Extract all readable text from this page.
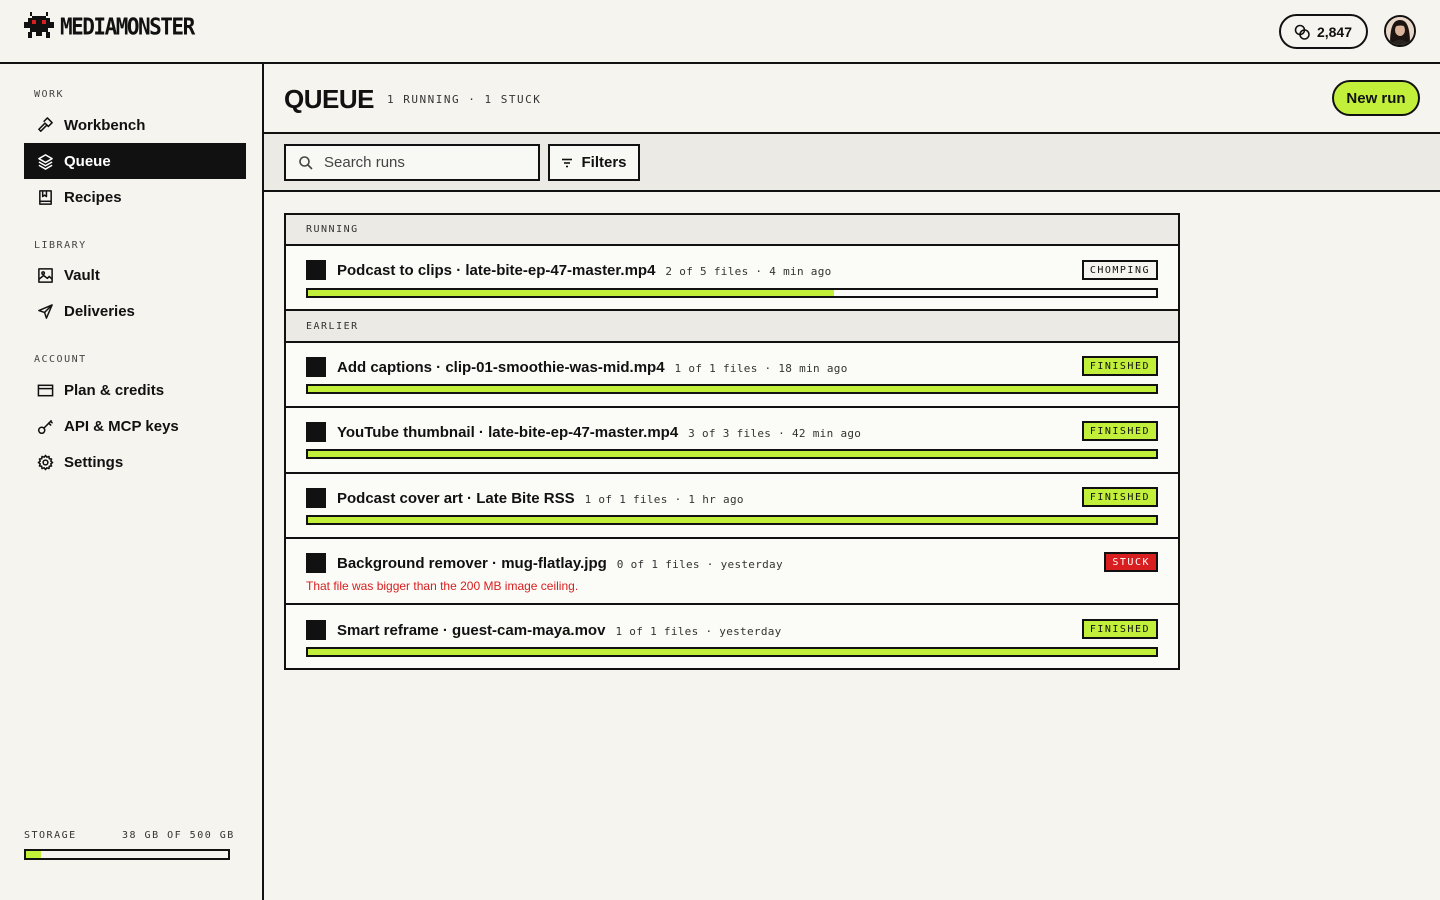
MEDIAMONSTER	2,847
WORK
Workbench
Queue
Recipes
LIBRARY
Vault
Deliveries
ACCOUNT
Plan & credits
API & MCP keys
Settings
STORAGE	38 GB OF 500 GB
QUEUE 1 RUNNING · 1 STUCK	New run
Search runs	Filters
RUNNING
Podcast to clips · late-bite-ep-47-master.mp4 2 of 5 files · 4 min ago	CHOMPING
EARLIER
Add captions · clip-01-smoothie-was-mid.mp4 1 of 1 files · 18 min ago	FINISHED
YouTube thumbnail · late-bite-ep-47-master.mp4 3 of 3 files · 42 min ago	FINISHED
Podcast cover art · Late Bite RSS 1 of 1 files · 1 hr ago	FINISHED
Background remover · mug-flatlay.jpg 0 of 1 files · yesterday	STUCK
That file was bigger than the 200 MB image ceiling.
Smart reframe · guest-cam-maya.mov 1 of 1 files · yesterday	FINISHED
